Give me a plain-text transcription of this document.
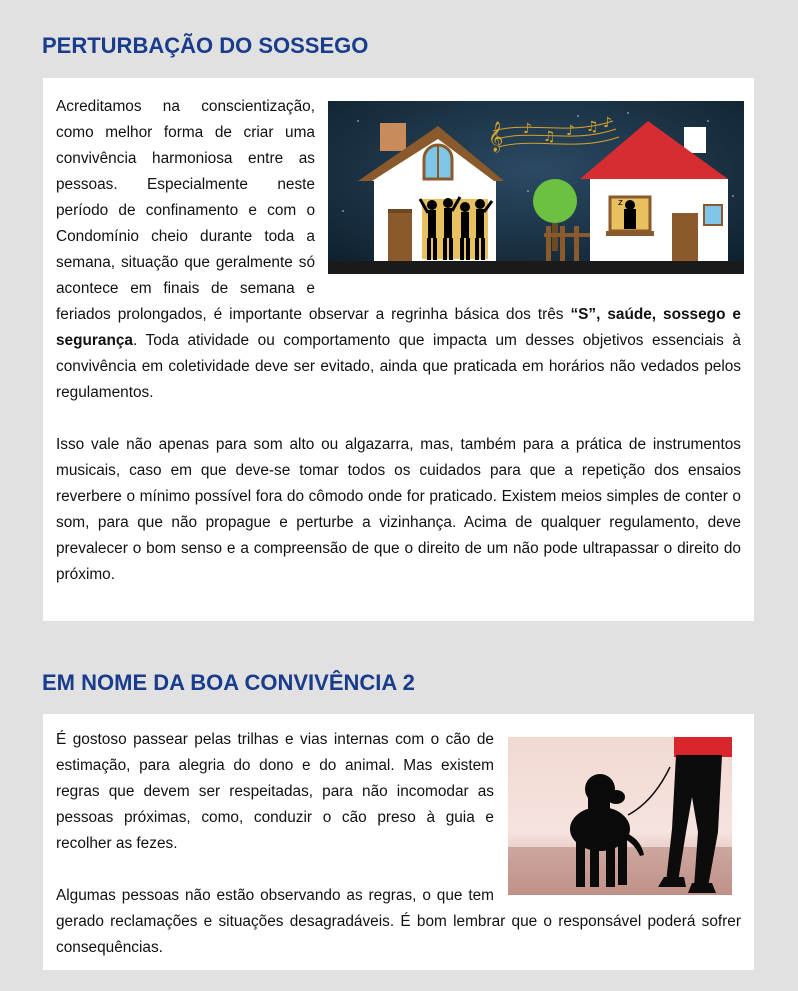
PERTURBAÇÃO DO SOSSEGO
𝄞 ♪ ♫ ♪ ♫ ♪
z

Acreditamos na conscientização, como melhor forma de criar uma convivência harmoniosa entre as pessoas. Especialmente neste período de confinamento e com o Condomínio cheio durante toda a semana, situação que geralmente só acontece em finais de semana e feriados prolongados, é importante observar a regrinha básica dos três “S”, saúde, sossego e segurança. Toda atividade ou comportamento que impacta um desses objetivos essenciais à convivência em coletividade deve ser evitado, ainda que praticada em horários não vedados pelos regulamentos.

Isso vale não apenas para som alto ou algazarra, mas, também para a prática de instrumentos musicais, caso em que deve-se tomar todos os cuidados para que a repetição dos ensaios reverbere o mínimo possível fora do cômodo onde for praticado. Existem meios simples de conter o som, para que não propague e perturbe a vizinhança. Acima de qualquer regulamento, deve prevalecer o bom senso e a compreensão de que o direito de um não pode ultrapassar o direito do próximo.

EM NOME DA BOA CONVIVÊNCIA 2

É gostoso passear pelas trilhas e vias internas com o cão de estimação, para alegria do dono e do animal. Mas existem regras que devem ser respeitadas, para não incomodar as pessoas próximas, como, conduzir o cão preso à guia e recolher as fezes.

Algumas pessoas não estão observando as regras, o que tem gerado reclamações e situações desagradáveis. É bom lembrar que o responsável poderá sofrer consequências.
